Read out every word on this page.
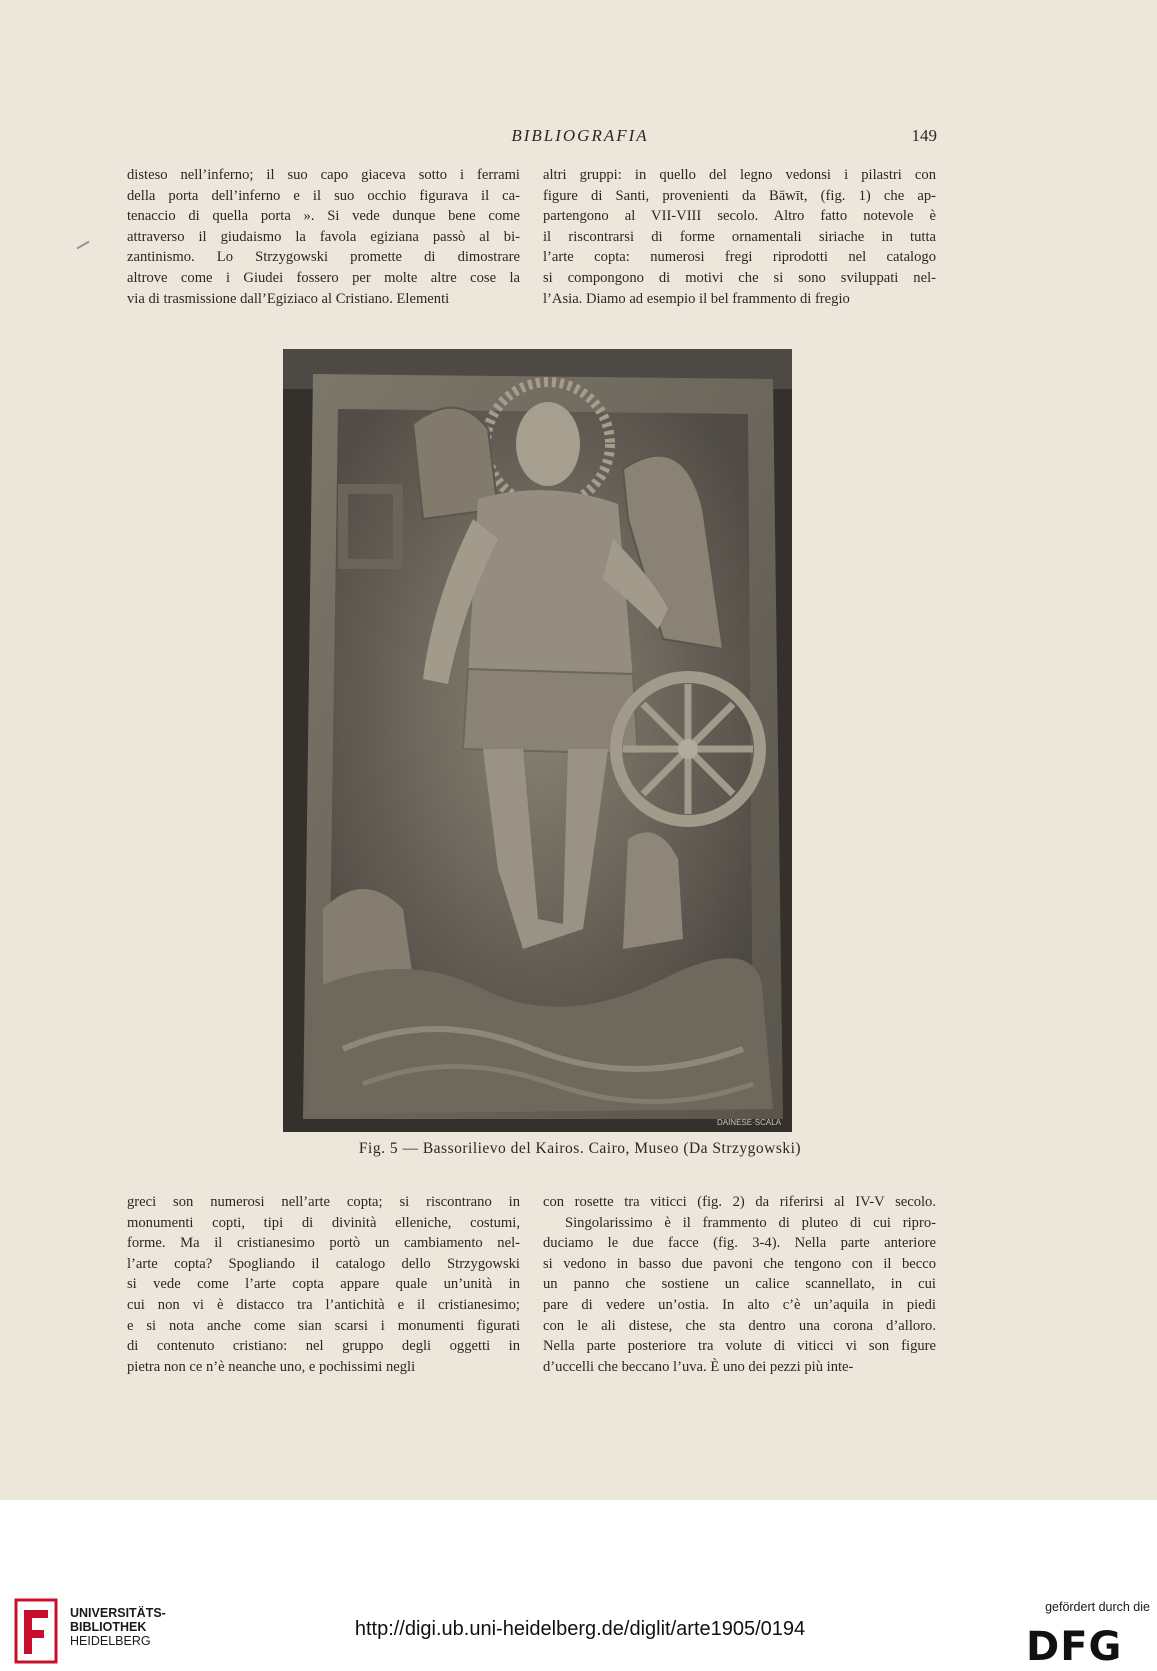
BIBLIOGRAFIA	149
disteso nell’inferno; il suo capo giaceva sotto i ferrami
della porta dell’inferno e il suo occhio figurava il ca-
tenaccio di quella porta ». Si vede dunque bene come
attraverso il giudaismo la favola egiziana passò al bi-
zantinismo. Lo Strzygowski promette di dimostrare
altrove come i Giudei fossero per molte altre cose la
via di trasmissione dall’Egiziaco al Cristiano. Elementi
altri gruppi: in quello del legno vedonsi i pilastri con
figure di Santi, provenienti da Bāwīt, (fig. 1) che ap-
partengono al VII-VIII secolo. Altro fatto notevole è
il riscontrarsi di forme ornamentali siriache in tutta
l’arte copta: numerosi fregi riprodotti nel catalogo
si compongono di motivi che si sono sviluppati nel-
l’Asia. Diamo ad esempio il bel frammento di fregio
DAINESE·SCALA
Fig. 5 — Bassorilievo del Kairos. Cairo, Museo (Da Strzygowski)
greci son numerosi nell’arte copta; si riscontrano in
monumenti copti, tipi di divinità elleniche, costumi,
forme. Ma il cristianesimo portò un cambiamento nel-
l’arte copta? Spogliando il catalogo dello Strzygowski
si vede come l’arte copta appare quale un’unità in
cui non vi è distacco tra l’antichità e il cristianesimo;
e si nota anche come sian scarsi i monumenti figurati
di contenuto cristiano: nel gruppo degli oggetti in
pietra non ce n’è neanche uno, e pochissimi negli
con rosette tra viticci (fig. 2) da riferirsi al IV-V secolo.
Singolarissimo è il frammento di pluteo di cui ripro-
duciamo le due facce (fig. 3-4). Nella parte anteriore
si vedono in basso due pavoni che tengono con il becco
un panno che sostiene un calice scannellato, in cui
pare di vedere un’ostia. In alto c’è un’aquila in piedi
con le ali distese, che sta dentro una corona d’alloro.
Nella parte posteriore tra volute di viticci vi son figure
d’uccelli che beccano l’uva. È uno dei pezzi più inte-
UNIVERSITÄTS-
BIBLIOTHEK
HEIDELBERG
http://digi.ub.uni-heidelberg.de/diglit/arte1905/0194
gefördert durch die
DFG
